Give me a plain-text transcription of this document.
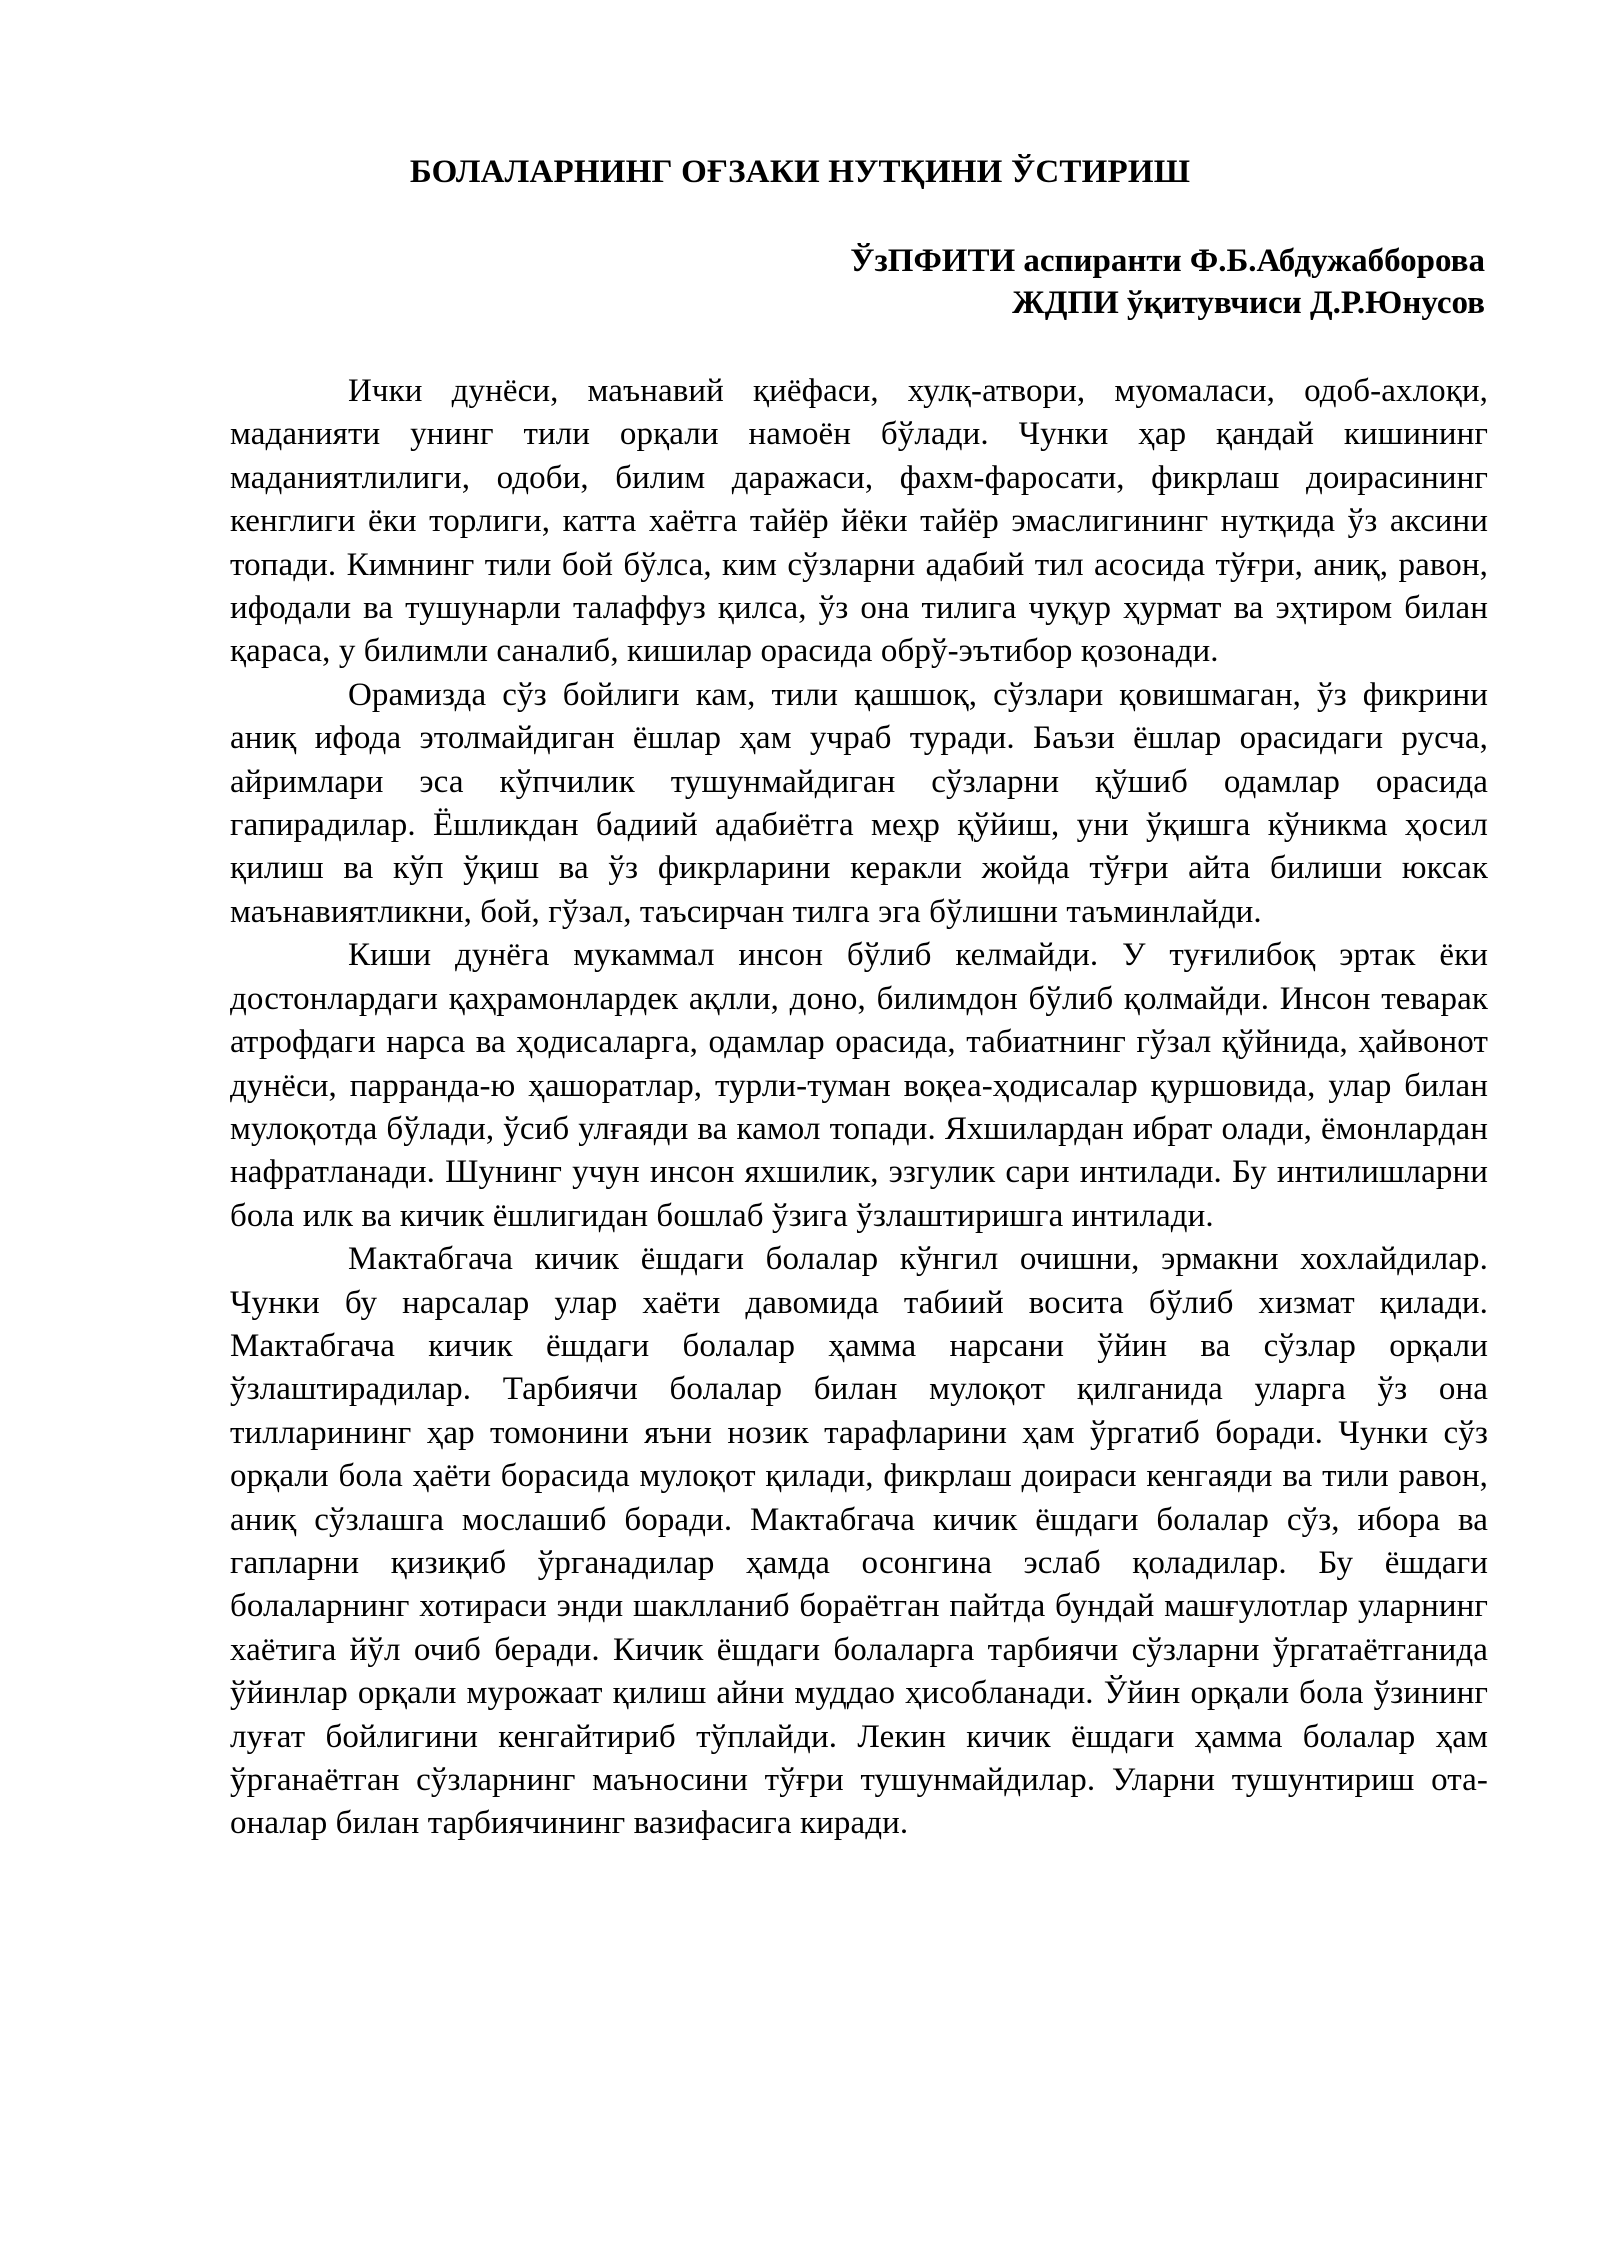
БОЛАЛАРНИНГ ОҒЗАКИ НУТҚИНИ ЎСТИРИШ
ЎзПФИТИ аспиранти Ф.Б.Абдужабборова
ЖДПИ ўқитувчиси Д.Р.Юнусов

Ички дунёси, маънавий қиёфаси, хулқ-атвори, муомаласи, одоб-ахлоқи, маданияти унинг тили орқали намоён бўлади. Чунки ҳар қандай кишининг маданиятлилиги, одоби, билим даражаси, фахм-фаросати, фикрлаш доирасининг кенглиги ёки торлиги, катта хаётга тайёр йёки тайёр эмаслигининг нутқида ўз аксини топади. Кимнинг тили бой бўлса, ким сўзларни адабий тил асосида тўғри, аниқ, равон, ифодали ва тушунарли талаффуз қилса, ўз она тилига чуқур ҳурмат ва эҳтиром билан қараса, у билимли саналиб, кишилар орасида обрў-эътибор қозонади.

Орамизда сўз бойлиги кам, тили қашшоқ, сўзлари қовишмаган, ўз фикрини аниқ ифода этолмайдиган ёшлар ҳам учраб туради. Баъзи ёшлар орасидаги русча, айримлари эса кўпчилик тушунмайдиган сўзларни қўшиб одамлар орасида гапирадилар. Ёшликдан бадиий адабиётга меҳр қўйиш, уни ўқишга кўникма ҳосил қилиш ва кўп ўқиш ва ўз фикрларини керакли жойда тўғри айта билиши юксак маънавиятликни, бой, гўзал, таъсирчан тилга эга бўлишни таъминлайди.

Киши дунёга мукаммал инсон бўлиб келмайди. У туғилибоқ эртак ёки достонлардаги қаҳрамонлардек ақлли, доно, билимдон бўлиб қолмайди. Инсон теварак атрофдаги нарса ва ҳодисаларга, одамлар орасида, табиатнинг гўзал қўйнида, ҳайвонот дунёси, парранда-ю ҳашоратлар, турли-туман воқеа-ҳодисалар қуршовида, улар билан мулоқотда бўлади, ўсиб улғаяди ва камол топади. Яхшилардан ибрат олади, ёмонлардан нафратланади. Шунинг учун инсон яхшилик, эзгулик сари интилади. Бу интилишларни бола илк ва кичик ёшлигидан бошлаб ўзига ўзлаштиришга интилади.

Мактабгача кичик ёшдаги болалар кўнгил очишни, эрмакни хохлайдилар. Чунки бу нарсалар улар хаёти давомида табиий восита бўлиб хизмат қилади. Мактабгача кичик ёшдаги болалар ҳамма нарсани ўйин ва сўзлар орқали ўзлаштирадилар. Тарбиячи болалар билан мулоқот қилганида уларга ўз она тилларининг ҳар томонини яъни нозик тарафларини ҳам ўргатиб боради. Чунки сўз орқали бола ҳаёти борасида мулоқот қилади, фикрлаш доираси кенгаяди ва тили равон, аниқ сўзлашга мослашиб боради. Мактабгача кичик ёшдаги болалар сўз, ибора ва гапларни қизиқиб ўрганадилар ҳамда осонгина эслаб қоладилар. Бу ёшдаги болаларнинг хотираси энди шаклланиб бораётган пайтда бундай машғулотлар уларнинг хаётига йўл очиб беради. Кичик ёшдаги болаларга тарбиячи сўзларни ўргатаётганида ўйинлар орқали мурожаат қилиш айни муддао ҳисобланади. Ўйин орқали бола ўзининг луғат бойлигини кенгайтириб тўплайди. Лекин кичик ёшдаги ҳамма болалар ҳам ўрганаётган сўзларнинг маъносини тўғри тушунмайдилар. Уларни тушунтириш ота-оналар билан тарбиячининг вазифасига киради.
